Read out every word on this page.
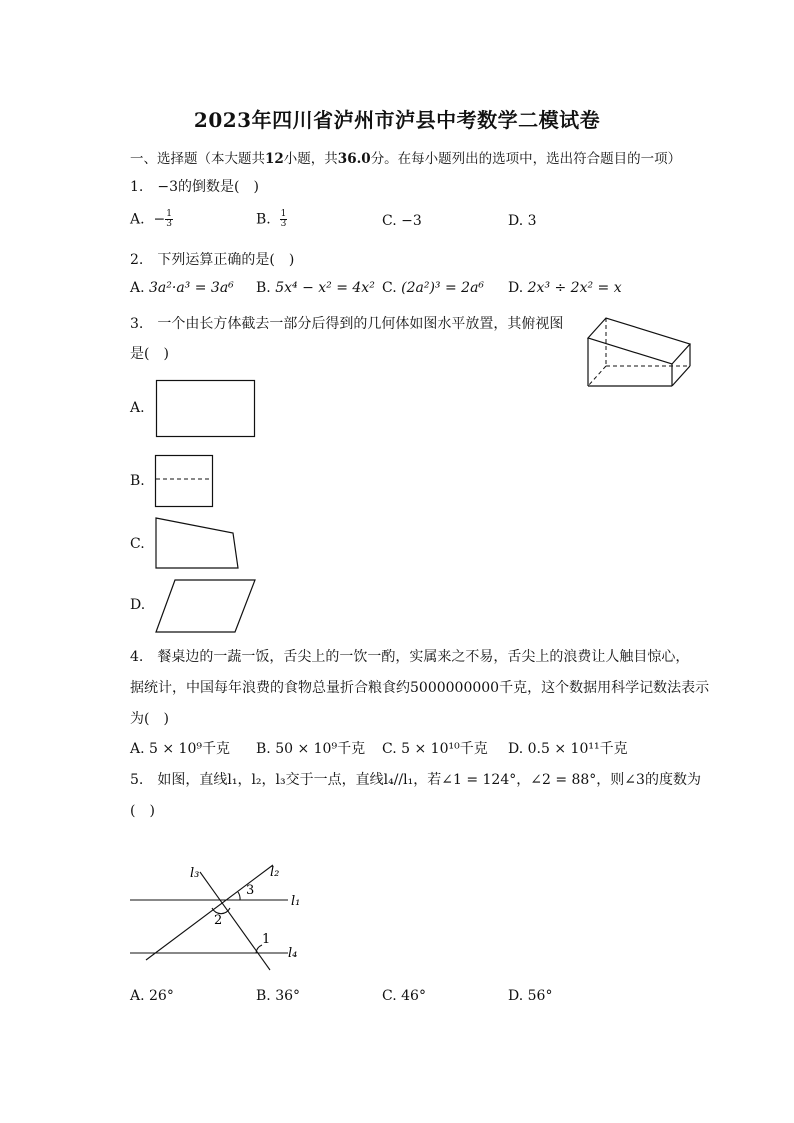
2023年四川省泸州市泸县中考数学二模试卷
一、选择题（本大题共12小题，共36.0分。在每小题列出的选项中，选出符合题目的一项）
1.　−3的倒数是(　)
A. − $\frac{1}{3}$	B. $\frac{1}{3}$	C. −3	D. 3
2.　下列运算正确的是(　)
A. 3a²·a³ = 3a⁶ B. 5x⁴ − x² = 4x² C. (2a²)³ = 2a⁶ D. 2x³ ÷ 2x² = x
3.　一个由长方体截去一部分后得到的几何体如图水平放置，其俯视图
是(　)
A.
B.
C.
D.
4.　餐桌边的一蔬一饭，舌尖上的一饮一酌，实属来之不易，舌尖上的浪费让人触目惊心，
据统计，中国每年浪费的食物总量折合粮食约5000000000千克，这个数据用科学记数法表示
为(　)
A. 5 × 10⁹千克 B. 50 × 10⁹千克 C. 5 × 10¹⁰千克 D. 0.5 × 10¹¹千克
5.　如图，直线l₁，l₂，l₃交于一点，直线l₄//l₁，若∠1 = 124°，∠2 = 88°，则∠3的度数为
(　)
l₃	l₂
l₁
l₄
3
2
1
A. 26°	B. 36°	C. 46°	D. 56°
